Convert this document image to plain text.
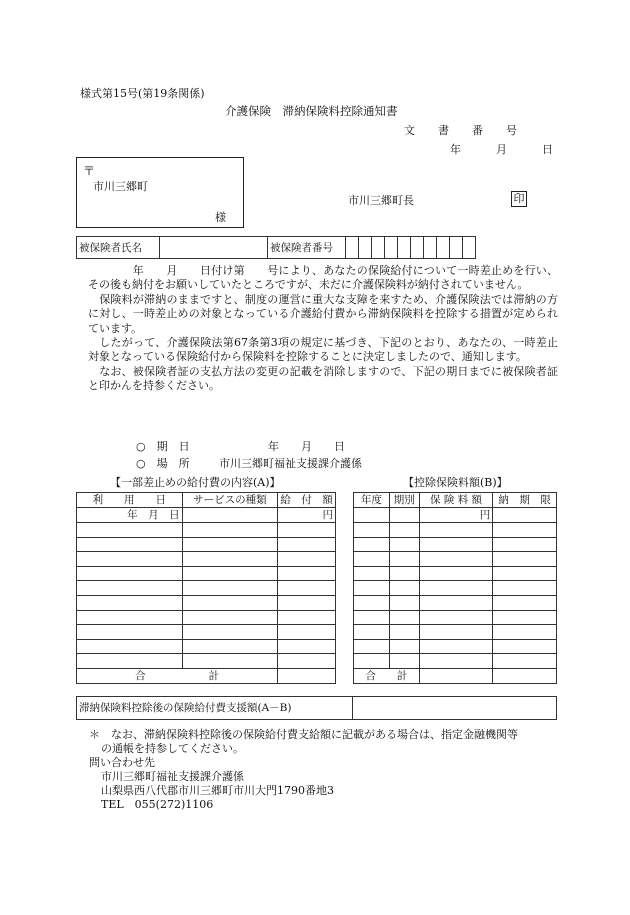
様式第15号(第19条関係)
介護保険　滞納保険料控除通知書
文　書　番　号
年　月　日
〒
市川三郷町
様
市川三郷町長	印
被保険者氏名		被保険者番号										

　　　　年　　月　　日付け第　　号により、あなたの保険給付について一時差止めを行い、その後も納付をお願いしていたところですが、未だに介護保険料が納付されていません。

　保険料が滞納のままですと、制度の運営に重大な支障を来すため、介護保険法では滞納の方に対し、一時差止めの対象となっている介護給付費から滞納保険料を控除する措置が定められています。

　したがって、介護保険法第67条第3項の規定に基づき、下記のとおり、あなたの、一時差止対象となっている保険給付から保険料を控除することに決定しましたので、通知します。

　なお、被保険者証の支払方法の変更の記載を消除しますので、下記の期日までに被保険者証と印かんを持参ください。

○　期　日	年　　月　　日
○　場　所	市川三郷町福祉支援課介護係
【一部差止めの給付費の内容(A)】	【控除保険料額(B)】
利　　用　　日	サービスの種類	給　付　額
年　月　日		円

合　　　　　　計		
年度	期別	保 険 料 額	納　期　限
		円	

合　　計			
滞納保険料控除後の保険給付費支援額(A－B)	
＊ なお、滞納保険料控除後の保険給付費支給額に記載がある場合は、指定金融機関等
の通帳を持参してください。
問い合わせ先
市川三郷町福祉支援課介護係
山梨県西八代郡市川三郷町市川大門1790番地3
TEL　055(272)1106
